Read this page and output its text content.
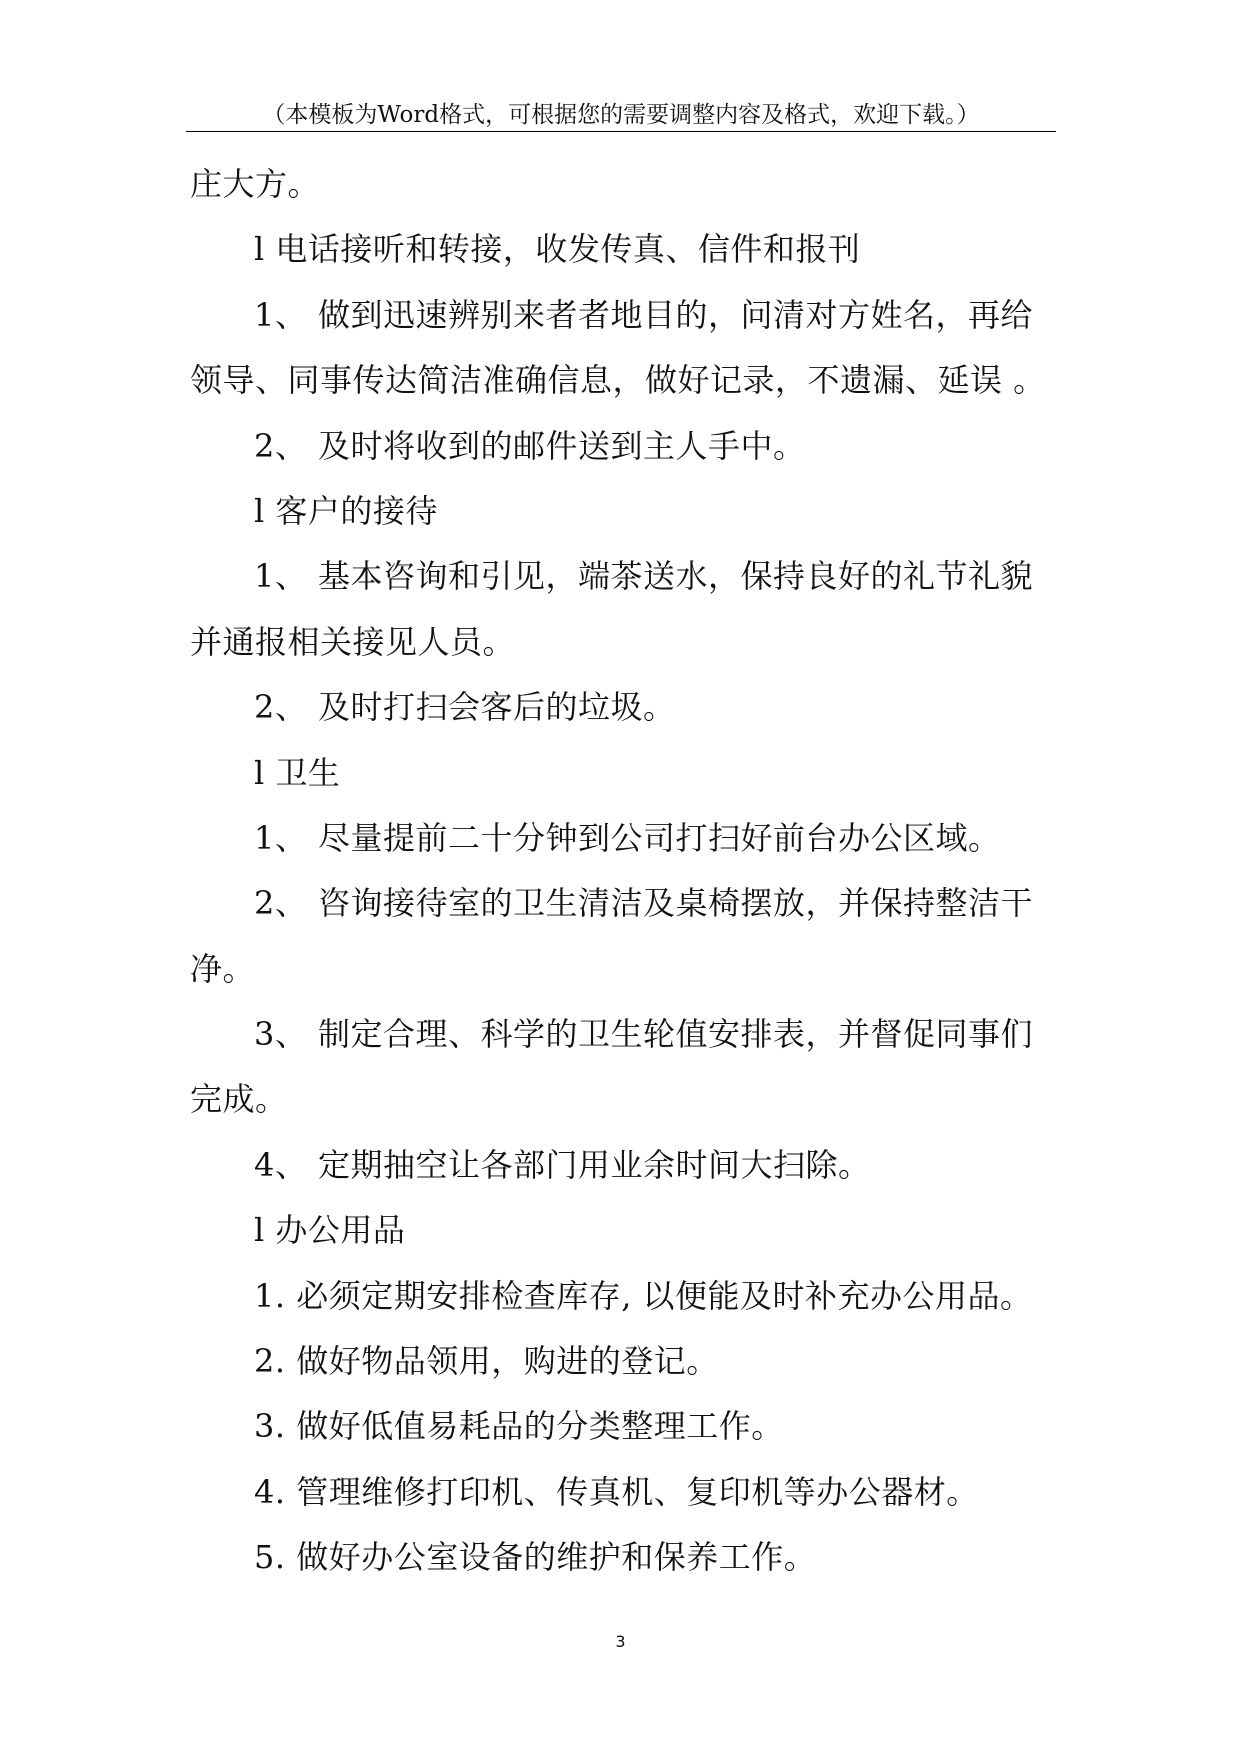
（本模板为Word格式，可根据您的需要调整内容及格式，欢迎下载。）
庄大方。
l 电话接听和转接，收发传真、信件和报刊
1、 做到迅速辨别来者者地目的，问清对方姓名，再给
领导、同事传达简洁准确信息，做好记录，不遗漏、延误 。
2、 及时将收到的邮件送到主人手中。
l 客户的接待
1、 基本咨询和引见，端茶送水，保持良好的礼节礼貌
并通报相关接见人员。
2、 及时打扫会客后的垃圾。
l 卫生
1、 尽量提前二十分钟到公司打扫好前台办公区域。
2、 咨询接待室的卫生清洁及桌椅摆放，并保持整洁干
净。
3、 制定合理、科学的卫生轮值安排表，并督促同事们
完成。
4、 定期抽空让各部门用业余时间大扫除。
l 办公用品
1. 必须定期安排检查库存, 以便能及时补充办公用品。
2. 做好物品领用，购进的登记。
3. 做好低值易耗品的分类整理工作。
4. 管理维修打印机、传真机、复印机等办公器材。
5. 做好办公室设备的维护和保养工作。
3
